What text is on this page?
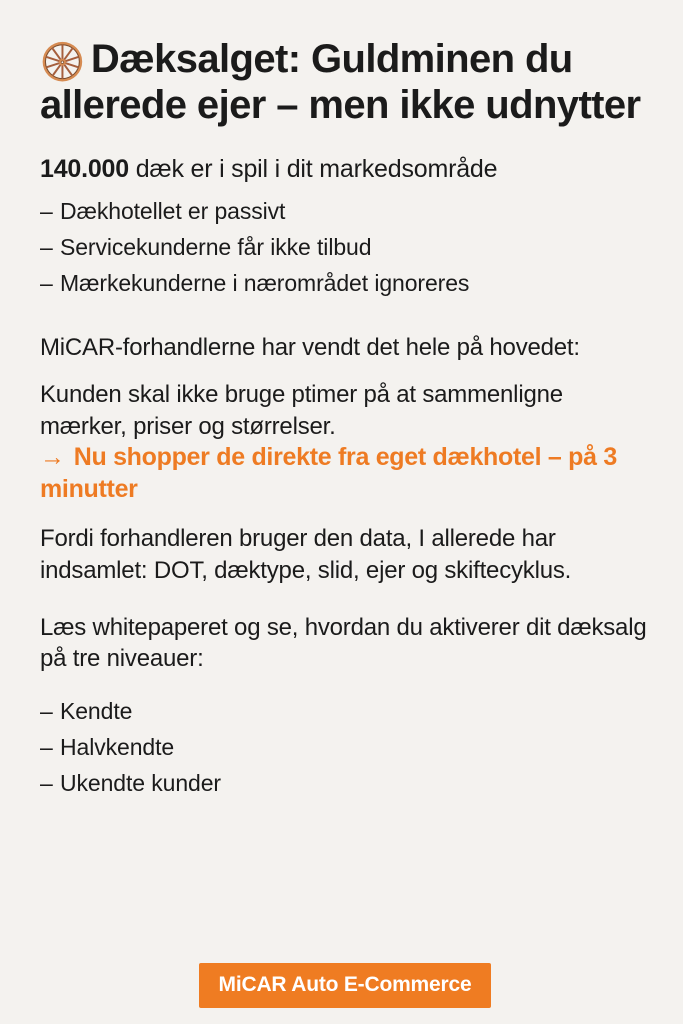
🛞 Dæksalget: Guldminen du allerede ejer – men ikke udnytter

140.000 dæk er i spil i dit markedsområde

– Dækhotellet er passivt
– Servicekunderne får ikke tilbud
– Mærkekunderne i nærområdet ignoreres

MiCAR-forhandlerne har vendt det hele på hovedet:

Kunden skal ikke bruge ptimer på at sammenligne mærker, priser og størrelser.

→ Nu shopper de direkte fra eget dækhotel – på 3 minutter

Fordi forhandleren bruger den data, I allerede har indsamlet: DOT, dæktype, slid, ejer og skiftecyklus.

Læs whitepaperet og se, hvordan du aktiverer dit dæksalg på tre niveauer:

– Kendte
– Halvkendte
– Ukendte kunder
MiCAR Auto E-Commerce
